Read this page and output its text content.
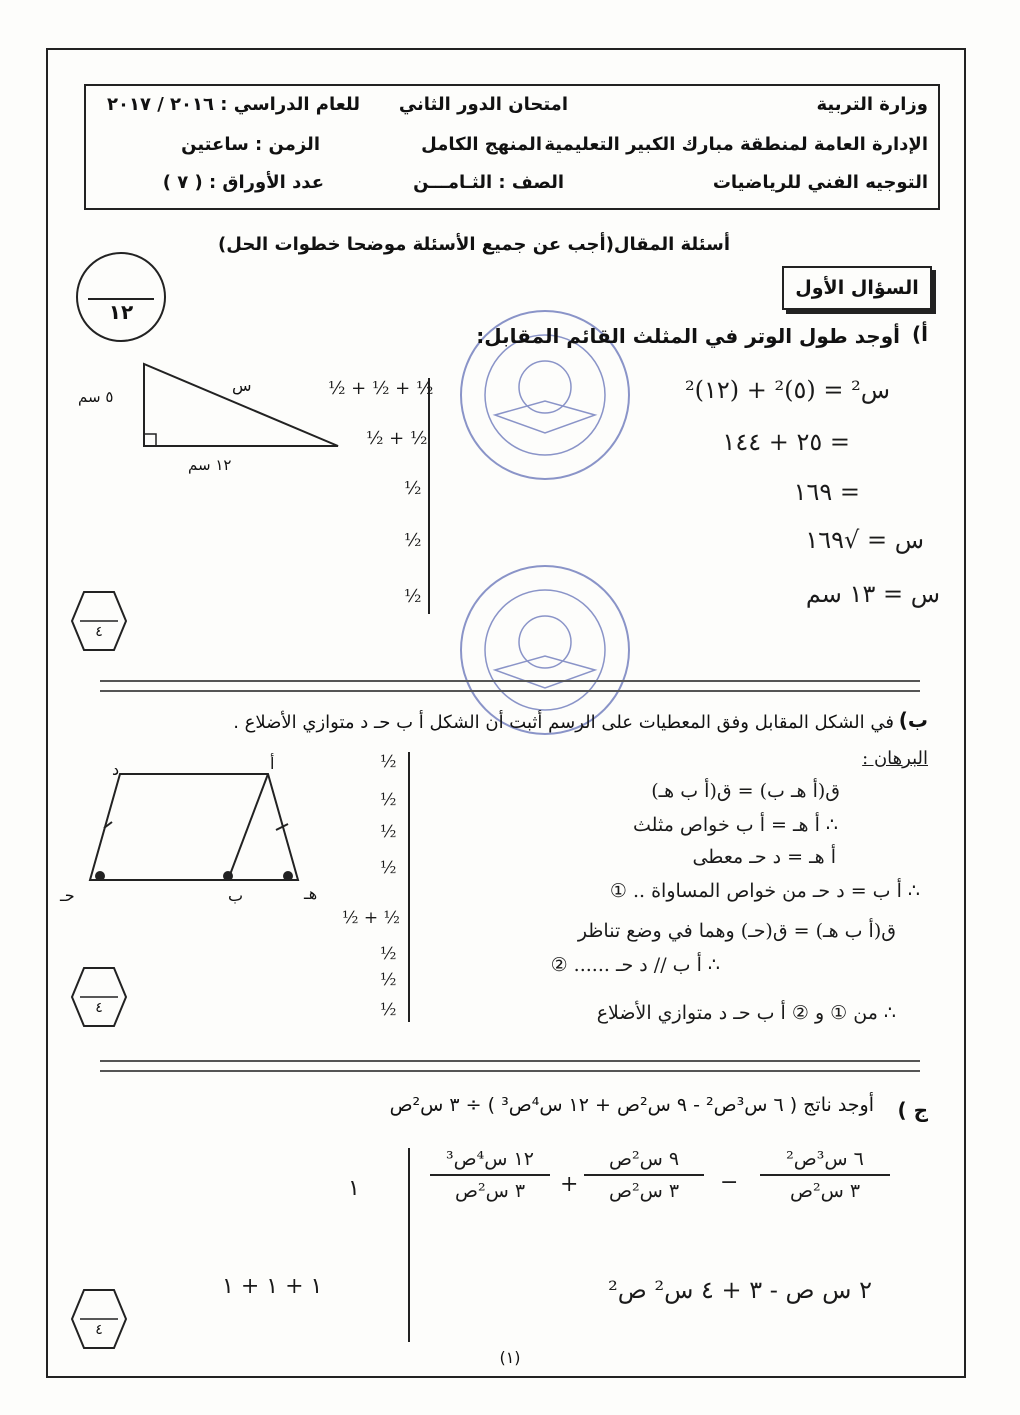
وزارة التربية
الإدارة العامة لمنطقة مبارك الكبير التعليمية
التوجيه الفني للرياضيات
امتحان الدور الثاني
المنهج الكامل
الصف : الثـامـــن
للعام الدراسي : ٢٠١٦ / ٢٠١٧
الزمن : ساعتين
عدد الأوراق : ( ٧ )
أسئلة المقال(أجب عن جميع الأسئلة موضحا خطوات الحل)
١٢
السؤال الأول
أوجد طول الوتر في المثلث القائم المقابل: أ)
٥ سم
١٢ سم
س	½ + ½ + ½
½ + ½
½
½
½
س² = (٥)² + (١٢)²
= ٢٥ + ١٤٤
= ١٦٩
س = √١٦٩
س = ١٣ سم
٤
ب)
في الشكل المقابل وفق المعطيات على الرسم أثبت أن الشكل أ ب حـ د متوازي الأضلاع .
أ
د
ب	هـ
حـ
½
½
½
½
½ + ½
½
½
½
البرهان :
ق(أ هـ ب) = ق(أ ب هـ)
∴ أ هـ = أ ب خواص مثلث
أ هـ = د حـ معطى
∴ أ ب = د حـ من خواص المساواة .. ①
ق(أ ب هـ) = ق(حـ) وهما في وضع تناظر
∴ أ ب // د حـ ...... ②
∴ من ① و ② أ ب حـ د متوازي الأضلاع
٤
ج )
أوجد ناتج ( ٦ س³ص² - ٩ س²ص + ١٢ س⁴ص³ ) ÷ ٣ س²ص
٦ س³ص²
٣ س²ص
−
٩ س²ص
٣ س²ص
+
١٢ س⁴ص³
٣ س²ص
٢ س ص - ٣ + ٤ س² ص²
١
١ + ١ + ١
٤
(١)
